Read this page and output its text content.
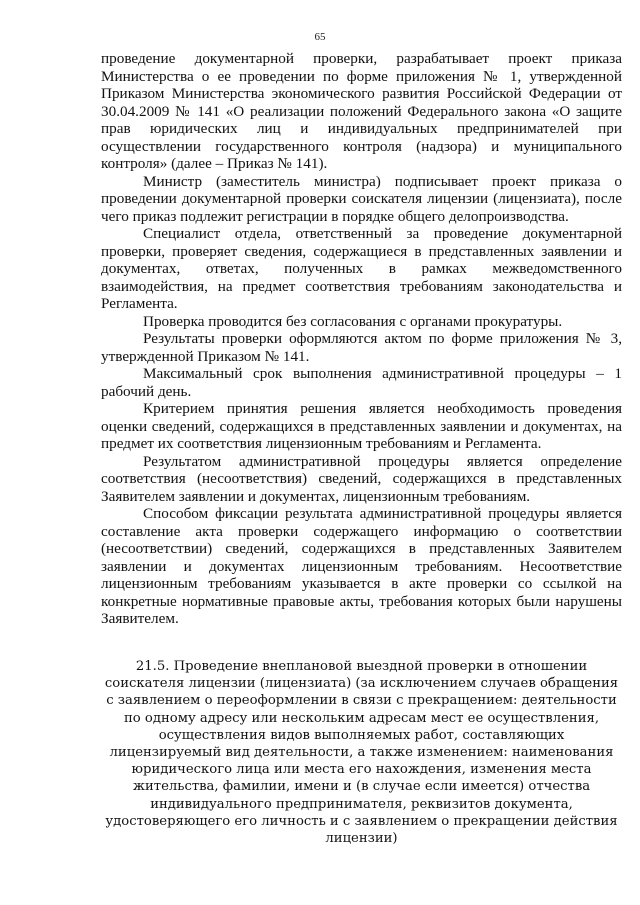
65

проведение документарной проверки, разрабатывает проект приказа Министерства о ее проведении по форме приложения № 1, утвержденной Приказом Министерства экономического развития Российской Федерации от 30.04.2009 № 141 «О реализации положений Федерального закона «О защите прав юридических лиц и индивидуальных предпринимателей при осуществлении государственного контроля (надзора) и муниципального контроля» (далее – Приказ № 141).

Министр (заместитель министра) подписывает проект приказа о проведении документарной проверки соискателя лицензии (лицензиата), после чего приказ подлежит регистрации в порядке общего делопроизводства.

Специалист отдела, ответственный за проведение документарной проверки, проверяет сведения, содержащиеся в представленных заявлении и документах, ответах, полученных в рамках межведомственного взаимодействия, на предмет соответствия требованиям законодательства и Регламента.

Проверка проводится без согласования с органами прокуратуры.

Результаты проверки оформляются актом по форме приложения № 3, утвержденной Приказом № 141.

Максимальный срок выполнения административной процедуры – 1 рабочий день.

Критерием принятия решения является необходимость проведения оценки сведений, содержащихся в представленных заявлении и документах, на предмет их соответствия лицензионным требованиям и Регламента.

Результатом административной процедуры является определение соответствия (несоответствия) сведений, содержащихся в представленных Заявителем заявлении и документах, лицензионным требованиям.

Способом фиксации результата административной процедуры является составление акта проверки содержащего информацию о соответствии (несоответствии) сведений, содержащихся в представленных Заявителем заявлении и документах лицензионным требованиям. Несоответствие лицензионным требованиям указывается в акте проверки со ссылкой на конкретные нормативные правовые акты, требования которых были нарушены Заявителем.

21.5. Проведение внеплановой выездной проверки в отношении соискателя лицензии (лицензиата) (за исключением случаев обращения с заявлением о переоформлении в связи с прекращением: деятельности по одному адресу или нескольким адресам мест ее осуществления, осуществления видов выполняемых работ, составляющих лицензируемый вид деятельности, а также изменением: наименования юридического лица или места его нахождения, изменения места жительства, фамилии, имени и (в случае если имеется) отчества индивидуального предпринимателя, реквизитов документа, удостоверяющего его личность и с заявлением о прекращении действия лицензии)
